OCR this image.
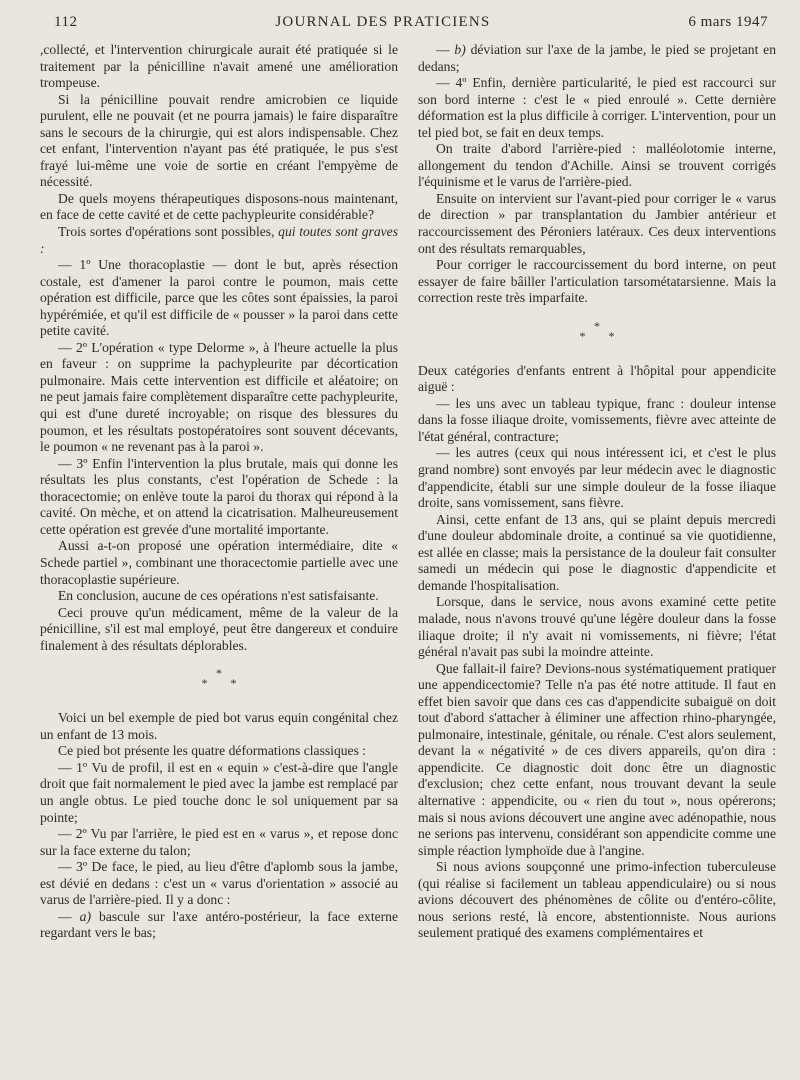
112	JOURNAL DES PRATICIENS	6 mars 1947

,collecté, et l'intervention chirurgicale aurait été pratiquée si le traitement par la pénicilline n'avait amené une amélioration trompeuse.

Si la pénicilline pouvait rendre amicrobien ce liquide purulent, elle ne pouvait (et ne pourra jamais) le faire disparaître sans le secours de la chirurgie, qui est alors indispensable. Chez cet enfant, l'intervention n'ayant pas été pratiquée, le pus s'est frayé lui-même une voie de sortie en créant l'empyème de nécessité.

De quels moyens thérapeutiques disposons-nous maintenant, en face de cette cavité et de cette pachypleurite considérable?

Trois sortes d'opérations sont possibles, qui toutes sont graves :

— 1º Une thoracoplastie — dont le but, après résection costale, est d'amener la paroi contre le poumon, mais cette opération est difficile, parce que les côtes sont épaissies, la paroi hypérémiée, et qu'il est difficile de « pousser » la paroi dans cette petite cavité.

— 2º L'opération « type Delorme », à l'heure actuelle la plus en faveur : on supprime la pachypleurite par décortication pulmonaire. Mais cette intervention est difficile et aléatoire; on ne peut jamais faire complètement disparaître cette pachypleurite, qui est d'une dureté incroyable; on risque des blessures du poumon, et les résultats postopératoires sont souvent décevants, le poumon « ne revenant pas à la paroi ».

— 3º Enfin l'intervention la plus brutale, mais qui donne les résultats les plus constants, c'est l'opération de Schede : la thoracectomie; on enlève toute la paroi du thorax qui répond à la cavité. On mèche, et on attend la cicatrisation. Malheureusement cette opération est grevée d'une mortalité importante.

Aussi a-t-on proposé une opération intermédiaire, dite « Schede partiel », combinant une thoracectomie partielle avec une thoracoplastie supérieure.

En conclusion, aucune de ces opérations n'est satisfaisante.

Ceci prouve qu'un médicament, même de la valeur de la pénicilline, s'il est mal employé, peut être dangereux et conduire finalement à des résultats déplorables.

*
* *

Voici un bel exemple de pied bot varus equin congénital chez un enfant de 13 mois.

Ce pied bot présente les quatre déformations classiques :

— 1º Vu de profil, il est en « equin » c'est-à-dire que l'angle droit que fait normalement le pied avec la jambe est remplacé par un angle obtus. Le pied touche donc le sol uniquement par sa pointe;

— 2º Vu par l'arrière, le pied est en « varus », et repose donc sur la face externe du talon;

— 3º De face, le pied, au lieu d'être d'aplomb sous la jambe, est dévié en dedans : c'est un « varus d'orientation » associé au varus de l'arrière-pied. Il y a donc :

— a) bascule sur l'axe antéro-postérieur, la face externe regardant vers le bas;

— b) déviation sur l'axe de la jambe, le pied se projetant en dedans;

— 4º Enfin, dernière particularité, le pied est raccourci sur son bord interne : c'est le « pied enroulé ». Cette dernière déformation est la plus difficile à corriger. L'intervention, pour un tel pied bot, se fait en deux temps.

On traite d'abord l'arrière-pied : malléolotomie interne, allongement du tendon d'Achille. Ainsi se trouvent corrigés l'équinisme et le varus de l'arrière-pied.

Ensuite on intervient sur l'avant-pied pour corriger le « varus de direction » par transplantation du Jambier antérieur et raccourcissement des Péroniers latéraux. Ces deux interventions ont des résultats remarquables,

Pour corriger le raccourcissement du bord interne, on peut essayer de faire bâiller l'articulation tarsométatarsienne. Mais la correction reste très imparfaite.

*
* *

Deux catégories d'enfants entrent à l'hôpital pour appendicite aiguë :

— les uns avec un tableau typique, franc : douleur intense dans la fosse iliaque droite, vomissements, fièvre avec atteinte de l'état général, contracture;

— les autres (ceux qui nous intéressent ici, et c'est le plus grand nombre) sont envoyés par leur médecin avec le diagnostic d'appendicite, établi sur une simple douleur de la fosse iliaque droite, sans vomissement, sans fièvre.

Ainsi, cette enfant de 13 ans, qui se plaint depuis mercredi d'une douleur abdominale droite, a continué sa vie quotidienne, est allée en classe; mais la persistance de la douleur fait consulter samedi un médecin qui pose le diagnostic d'appendicite et demande l'hospitalisation.

Lorsque, dans le service, nous avons examiné cette petite malade, nous n'avons trouvé qu'une légère douleur dans la fosse iliaque droite; il n'y avait ni vomissements, ni fièvre; l'état général n'avait pas subi la moindre atteinte.

Que fallait-il faire? Devions-nous systématiquement pratiquer une appendicectomie? Telle n'a pas été notre attitude. Il faut en effet bien savoir que dans ces cas d'appendicite subaiguë on doit tout d'abord s'attacher à éliminer une affection rhino-pharyngée, pulmonaire, intestinale, génitale, ou rénale. C'est alors seulement, devant la « négativité » de ces divers appareils, qu'on dira : appendicite. Ce diagnostic doit donc être un diagnostic d'exclusion; chez cette enfant, nous trouvant devant la seule alternative : appendicite, ou « rien du tout », nous opérerons; mais si nous avions découvert une angine avec adénopathie, nous ne serions pas intervenu, considérant son appendicite comme une simple réaction lymphoïde due à l'angine.

Si nous avions soupçonné une primo-infection tuberculeuse (qui réalise si facilement un tableau appendiculaire) ou si nous avions découvert des phénomènes de côlite ou d'entéro-côlite, nous serions resté, là encore, abstentionniste. Nous aurions seulement pratiqué des examens complémentaires et
